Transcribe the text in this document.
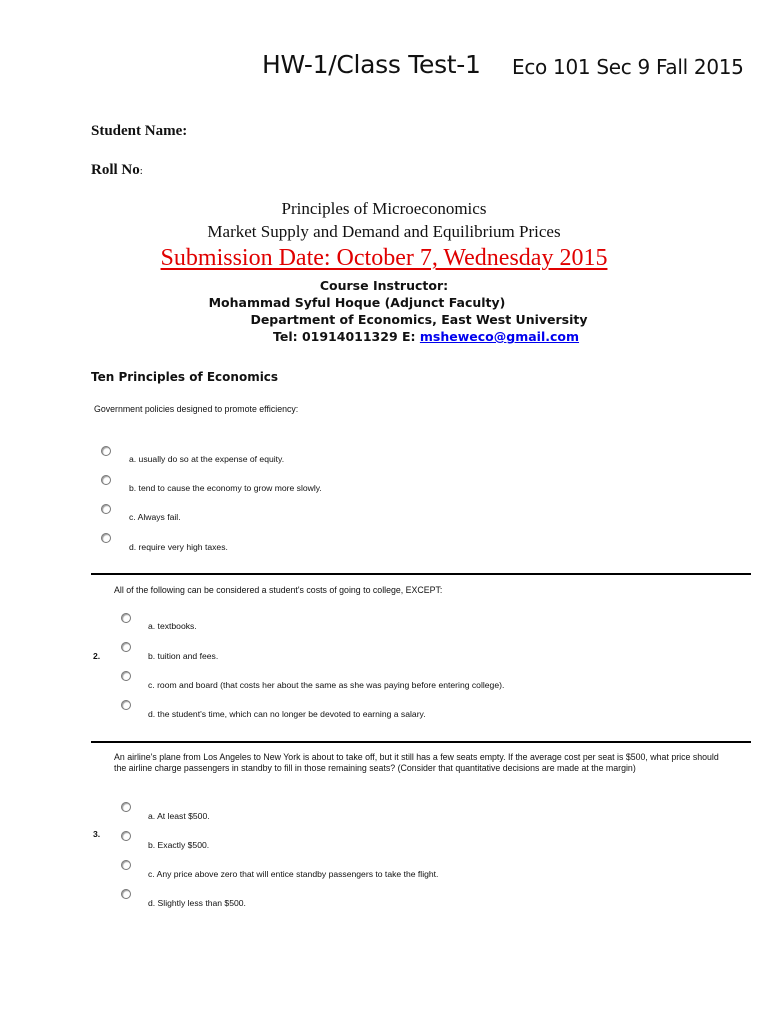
HW-1/Class Test-1 Eco 101 Sec 9 Fall 2015
Student Name:
Roll No:
Principles of Microeconomics
Market Supply and Demand and Equilibrium Prices
Submission Date: October 7, Wednesday 2015
Course Instructor:
Mohammad Syful Hoque (Adjunct Faculty)
Department of Economics, East West University
Tel: 01914011329 E: msheweco@gmail.com
Ten Principles of Economics
Government policies designed to promote efficiency:
a. usually do so at the expense of equity.
b. tend to cause the economy to grow more slowly.
c. Always fail.
d. require very high taxes.
All of the following can be considered a student's costs of going to college, EXCEPT:
2.
a. textbooks.
b. tuition and fees.
c. room and board (that costs her about the same as she was paying before entering college).
d. the student's time, which can no longer be devoted to earning a salary.
An airline's plane from Los Angeles to New York is about to take off, but it still has a few seats empty. If the average cost per seat is $500, what price should the airline charge passengers in standby to fill in those remaining seats? (Consider that quantitative decisions are made at the margin)
3.
a. At least $500.
b. Exactly $500.
c. Any price above zero that will entice standby passengers to take the flight.
d. Slightly less than $500.
